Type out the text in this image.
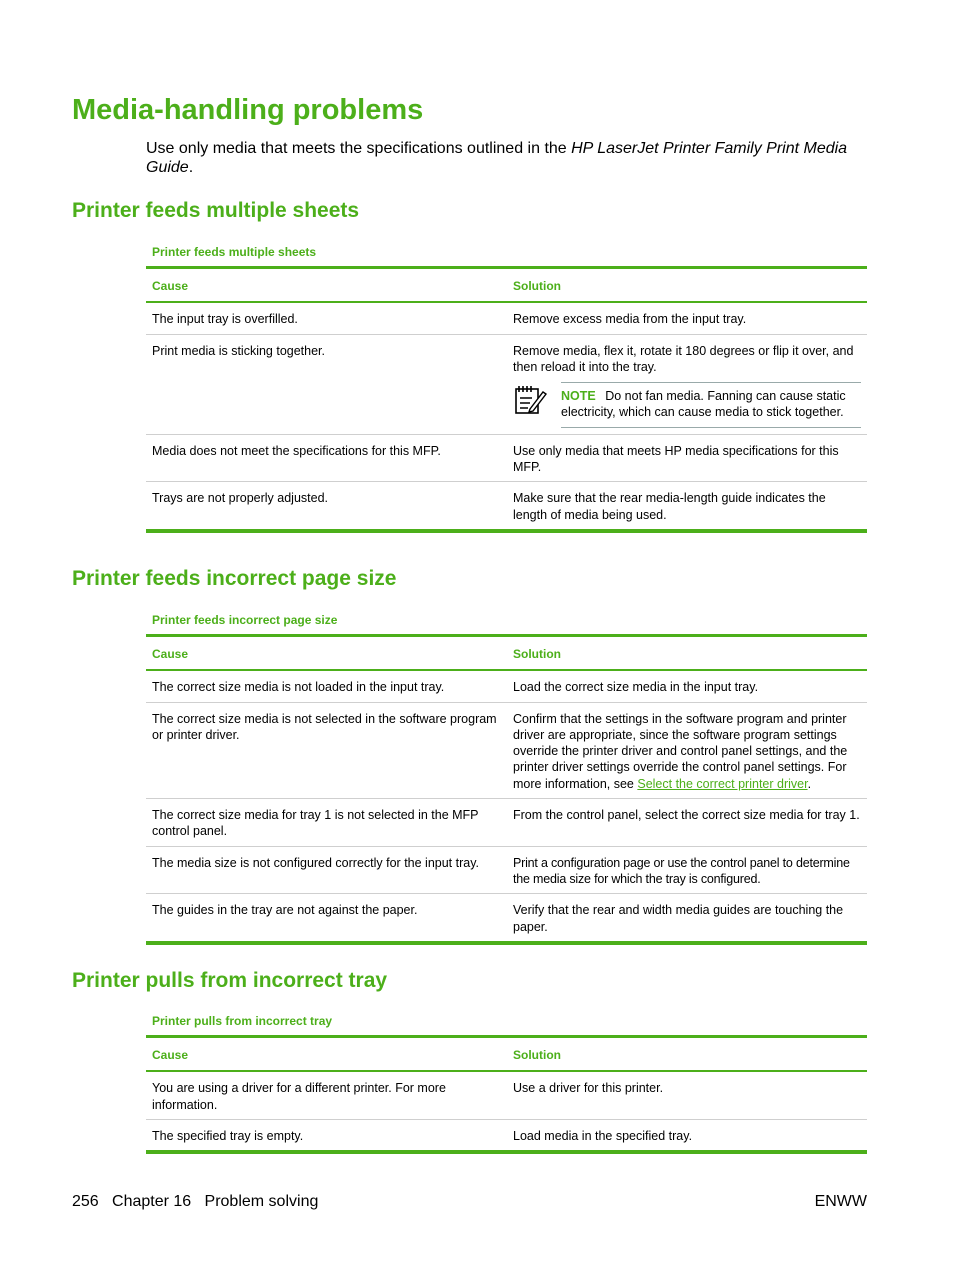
Media-handling problems

Use only media that meets the specifications outlined in the HP LaserJet Printer Family Print Media Guide.

Printer feeds multiple sheets

Printer feeds multiple sheets

Cause	Solution
The input tray is overfilled.	Remove excess media from the input tray.
Print media is sticking together.	Remove media, flex it, rotate it 180 degrees or flip it over, and then reload it into the tray.
NOTE Do not fan media. Fanning can cause static electricity, which can cause media to stick together.

Media does not meet the specifications for this MFP.	Use only media that meets HP media specifications for this MFP.
Trays are not properly adjusted.	Make sure that the rear media-length guide indicates the length of media being used.
Printer feeds incorrect page size

Printer feeds incorrect page size

Cause	Solution
The correct size media is not loaded in the input tray.	Load the correct size media in the input tray.
The correct size media is not selected in the software program or printer driver.	Confirm that the settings in the software program and printer driver are appropriate, since the software program settings override the printer driver and control panel settings, and the printer driver settings override the control panel settings. For more information, see Select the correct printer driver.
The correct size media for tray 1 is not selected in the MFP control panel.	From the control panel, select the correct size media for tray 1.
The media size is not configured correctly for the input tray.	Print a configuration page or use the control panel to determine the media size for which the tray is configured.
The guides in the tray are not against the paper.	Verify that the rear and width media guides are touching the paper.
Printer pulls from incorrect tray

Printer pulls from incorrect tray

Cause	Solution
You are using a driver for a different printer. For more information.	Use a driver for this printer.
The specified tray is empty.	Load media in the specified tray.

256   Chapter 16   Problem solving	ENWW
